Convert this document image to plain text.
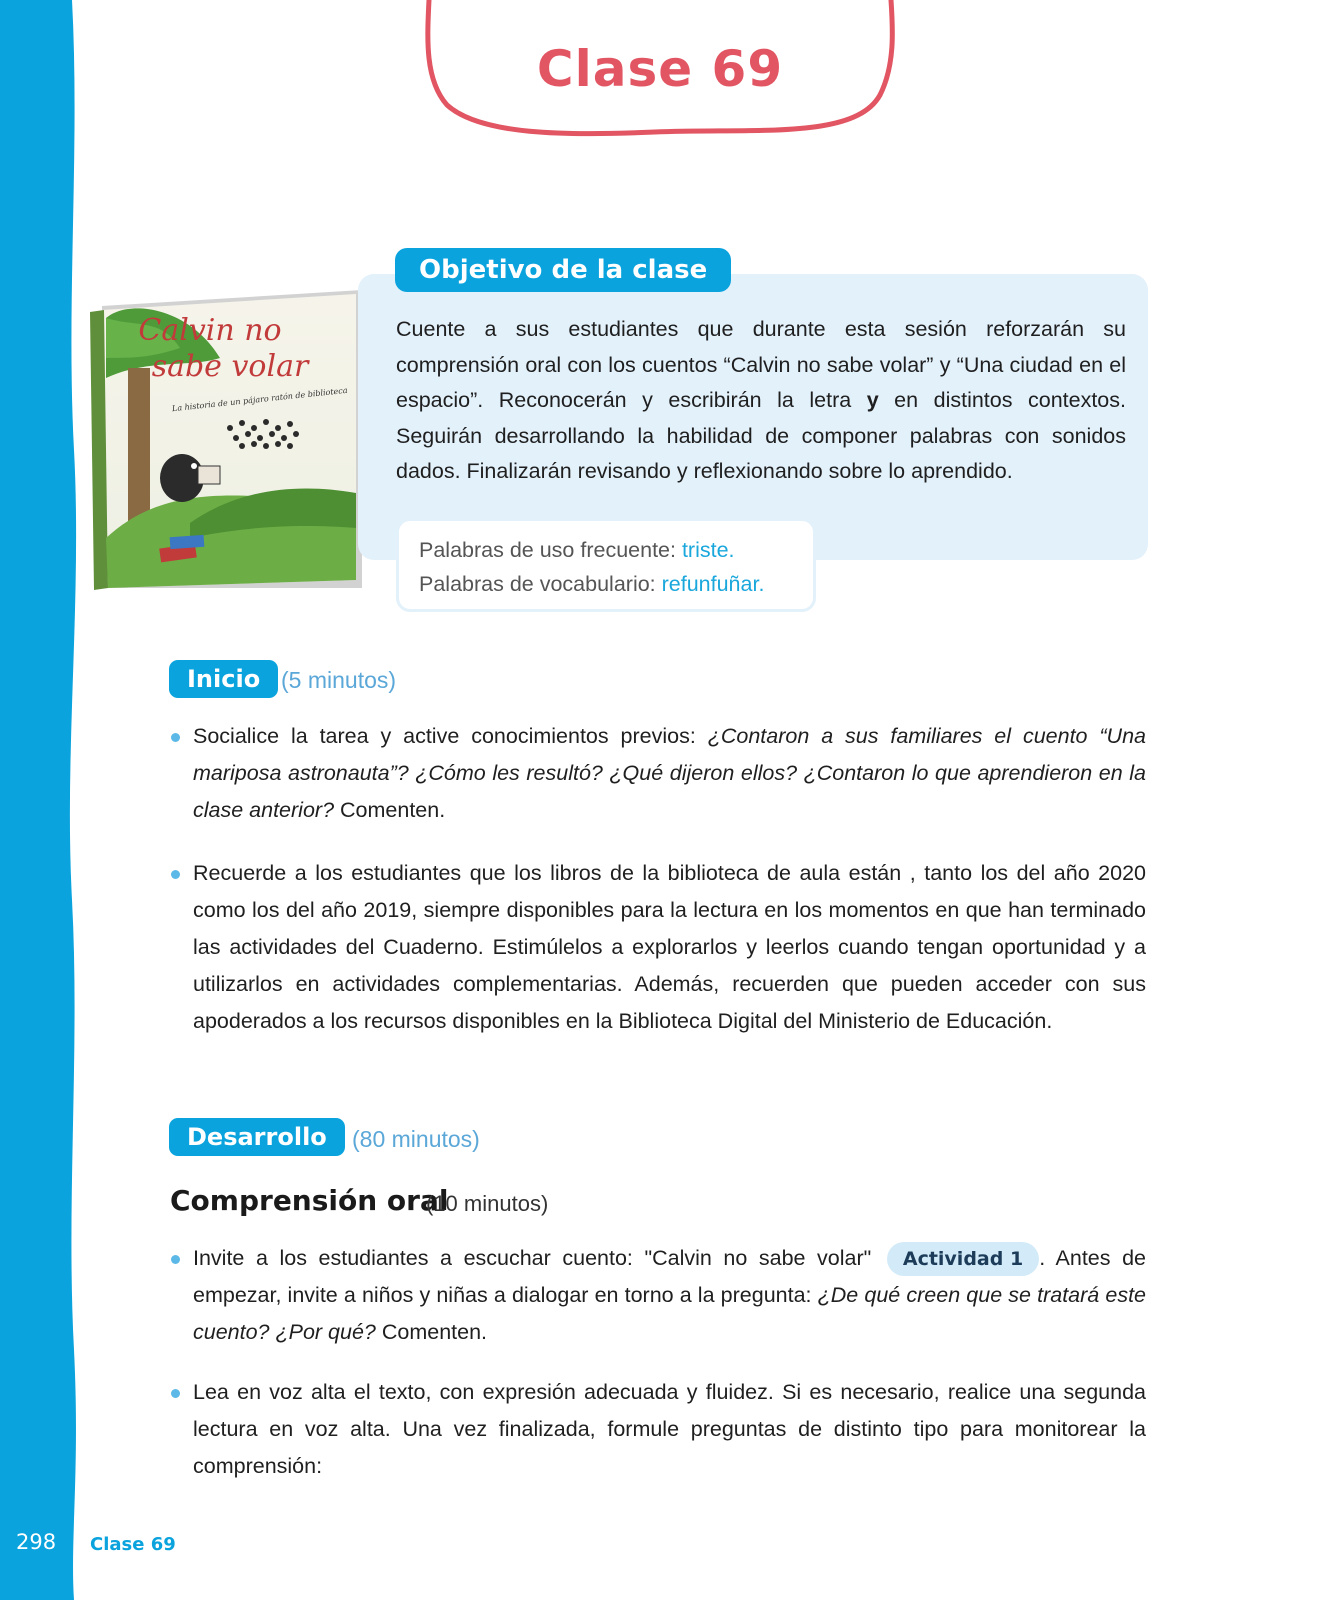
Clase 69
Calvin no
sabe volar
La historia de un pájaro ratón de biblioteca
Objetivo de la clase

Cuente a sus estudiantes que durante esta sesión reforzarán su comprensión oral con los cuentos “Calvin no sabe volar” y “Una ciudad en el espacio”. Reconocerán y escribirán la letra y en distintos contextos. Seguirán desarrollando la habilidad de componer palabras con sonidos dados. Finalizarán revisando y reflexionando sobre lo aprendido.

Palabras de uso frecuente: triste.
Palabras de vocabulario: refunfuñar.
Inicio (5 minutos)

Socialice la tarea y active conocimientos previos: ¿Contaron a sus familiares el cuento “Una mariposa astronauta”? ¿Cómo les resultó? ¿Qué dijeron ellos? ¿Contaron lo que aprendieron en la clase anterior? Comenten.

Recuerde a los estudiantes que los libros de la biblioteca de aula están , tanto los del año 2020 como los del año 2019, siempre disponibles para la lectura en los momentos en que han terminado las actividades del Cuaderno. Estimúlelos a explorarlos y leerlos cuando tengan oportunidad y a utilizarlos en actividades complementarias. Además, recuerden que pueden acceder con sus apoderados a los recursos disponibles en la Biblioteca Digital del Ministerio de Educación.

Desarrollo	(80 minutos)
Comprensión oral
(10 minutos)

Invite a los estudiantes a escuchar cuento: "Calvin no sabe volar" Actividad 1 . Antes de empezar, invite a niños y niñas a dialogar en torno a la pregunta: ¿De qué creen que se tratará este cuento? ¿Por qué? Comenten.

Lea en voz alta el texto, con expresión adecuada y fluidez. Si es necesario, realice una segunda lectura en voz alta. Una vez finalizada, formule preguntas de distinto tipo para monitorear la comprensión:

298 Clase 69
